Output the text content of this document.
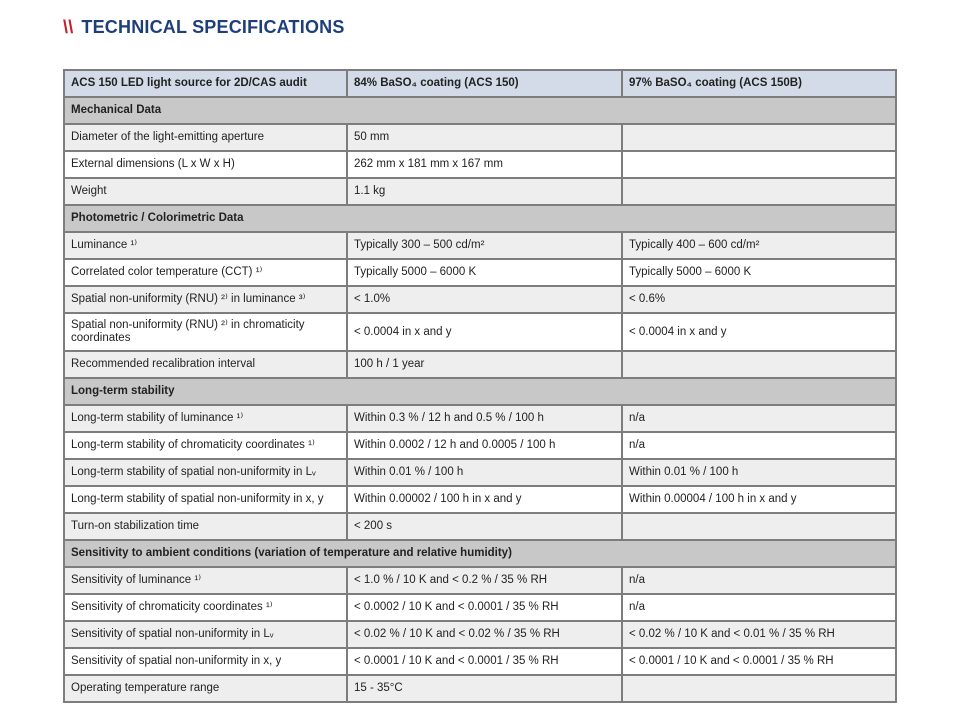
\\ TECHNICAL SPECIFICATIONS
ACS 150 LED light source for 2D/CAS audit	84% BaSO₄ coating (ACS 150)	97% BaSO₄ coating (ACS 150B)
Mechanical Data		
Diameter of the light-emitting aperture	50 mm	
External dimensions (L x W x H)	262 mm x 181 mm x 167 mm	
Weight	1.1 kg	
Photometric / Colorimetric Data		
Luminance ¹⁾	Typically 300 – 500 cd/m²	Typically 400 – 600 cd/m²
Correlated color temperature (CCT) ¹⁾	Typically 5000 – 6000 K	Typically 5000 – 6000 K
Spatial non-uniformity (RNU) ²⁾ in luminance ³⁾	< 1.0%	< 0.6%
Spatial non-uniformity (RNU) ²⁾ in chromaticity coordinates	< 0.0004 in x and y	< 0.0004 in x and y
Recommended recalibration interval	100 h / 1 year	
Long-term stability		
Long-term stability of luminance ¹⁾	Within 0.3 % / 12 h and 0.5 % / 100 h	n/a
Long-term stability of chromaticity coordinates ¹⁾	Within 0.0002 / 12 h and 0.0005 / 100 h	n/a
Long-term stability of spatial non-uniformity in Lᵥ	Within 0.01 % / 100 h	Within 0.01 % / 100 h
Long-term stability of spatial non-uniformity in x, y	Within 0.00002 / 100 h in x and y	Within 0.00004 / 100 h in x and y
Turn-on stabilization time	< 200 s	
Sensitivity to ambient conditions (variation of temperature and relative humidity)		
Sensitivity of luminance ¹⁾	< 1.0 % / 10 K and < 0.2 % / 35 % RH	n/a
Sensitivity of chromaticity coordinates ¹⁾	< 0.0002 / 10 K and < 0.0001 / 35 % RH	n/a
Sensitivity of spatial non-uniformity in Lᵥ	< 0.02 % / 10 K and < 0.02 % / 35 % RH	< 0.02 % / 10 K and < 0.01 % / 35 % RH
Sensitivity of spatial non-uniformity in x, y	< 0.0001 / 10 K and < 0.0001 / 35 % RH	< 0.0001 / 10 K and < 0.0001 / 35 % RH
Operating temperature range	15 - 35°C	
